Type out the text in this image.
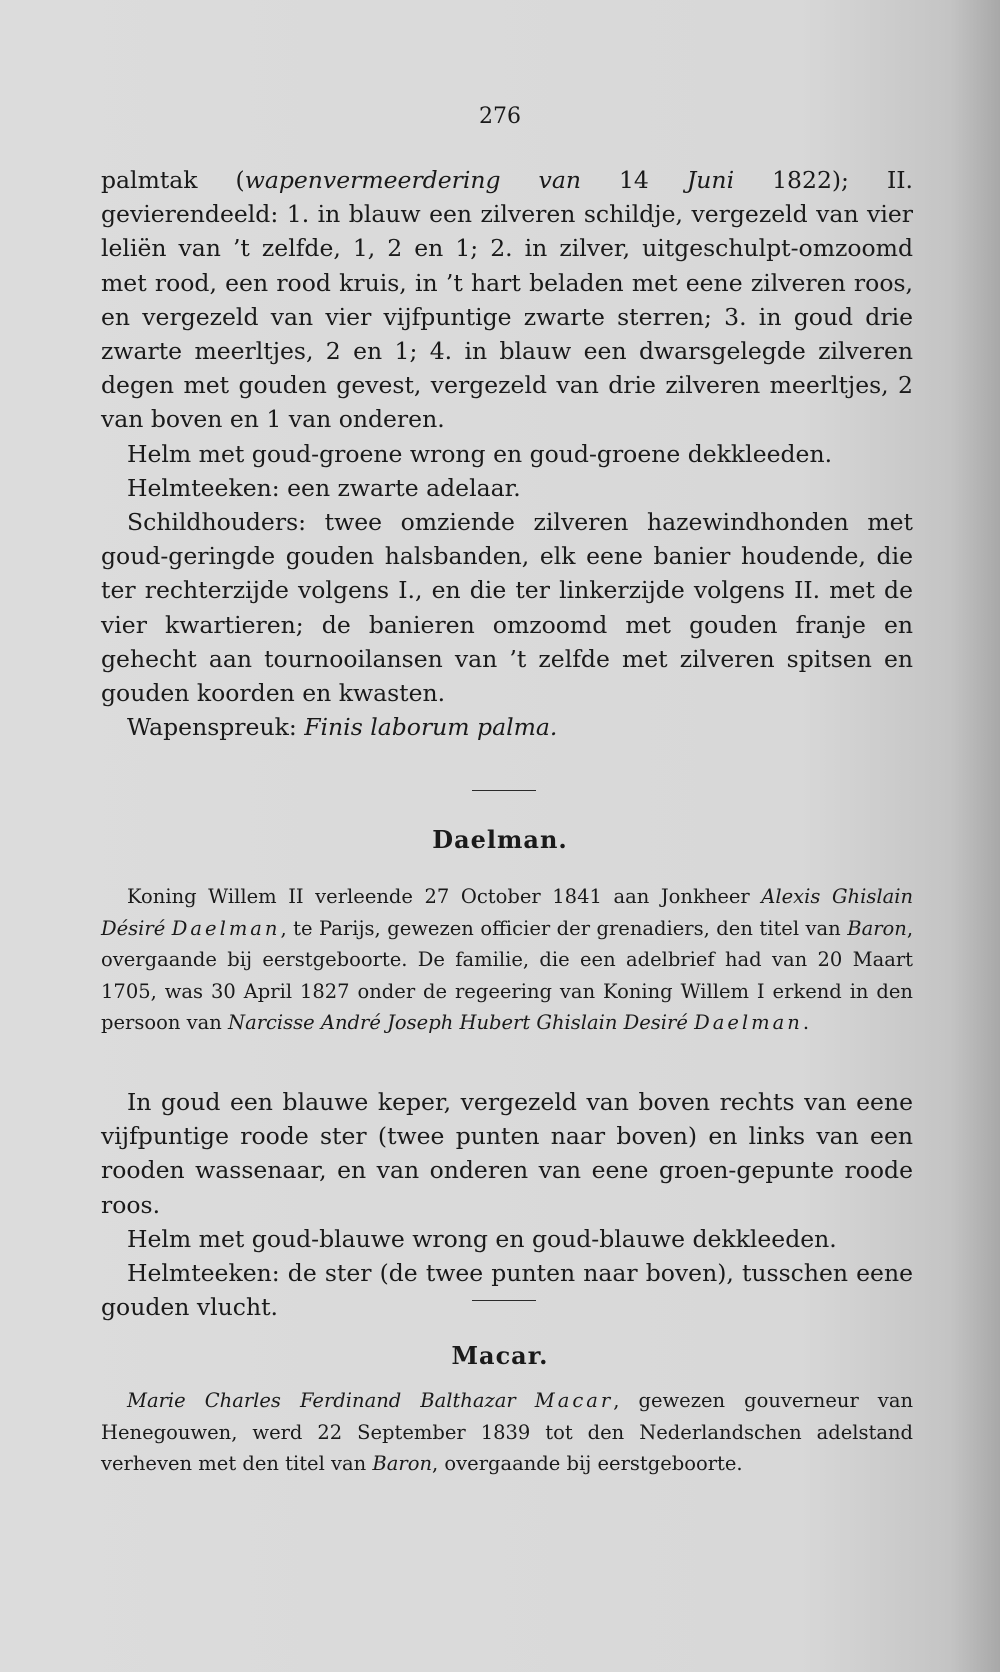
276

palmtak (wapenvermeerdering van 14 Juni 1822); II. gevierendeeld: 1. in blauw een zilveren schildje, vergezeld van vier leliën van ’t zelfde, 1, 2 en 1; 2. in zilver, uitgeschulpt-omzoomd met rood, een rood kruis, in ’t hart beladen met eene zilveren roos, en vergezeld van vier vijfpuntige zwarte sterren; 3. in goud drie zwarte meerltjes, 2 en 1; 4. in blauw een dwarsgelegde zilveren degen met gouden gevest, vergezeld van drie zilveren meerltjes, 2 van boven en 1 van onderen.

Helm met goud-groene wrong en goud-groene dekkleeden.

Helmteeken: een zwarte adelaar.

Schildhouders: twee omziende zilveren hazewindhonden met goud-geringde gouden halsbanden, elk eene banier houdende, die ter rechterzijde volgens I., en die ter linkerzijde volgens II. met de vier kwartieren; de banieren omzoomd met gouden franje en gehecht aan tournooilansen van ’t zelfde met zilveren spitsen en gouden koorden en kwasten.

Wapenspreuk: Finis laborum palma.

Daelman.

Koning Willem II verleende 27 October 1841 aan Jonkheer Alexis Ghislain Désiré Daelman, te Parijs, gewezen officier der grenadiers, den titel van Baron, overgaande bij eerstgeboorte. De familie, die een adelbrief had van 20 Maart 1705, was 30 April 1827 onder de regeering van Koning Willem I erkend in den persoon van Narcisse André Joseph Hubert Ghislain Desiré Daelman.

In goud een blauwe keper, vergezeld van boven rechts van eene vijfpuntige roode ster (twee punten naar boven) en links van een rooden wassenaar, en van onderen van eene groen-gepunte roode roos.

Helm met goud-blauwe wrong en goud-blauwe dekkleeden.

Helmteeken: de ster (de twee punten naar boven), tusschen eene gouden vlucht.

Macar.

Marie Charles Ferdinand Balthazar Macar, gewezen gouverneur van Henegouwen, werd 22 September 1839 tot den Nederlandschen adelstand verheven met den titel van Baron, overgaande bij eerstgeboorte.
